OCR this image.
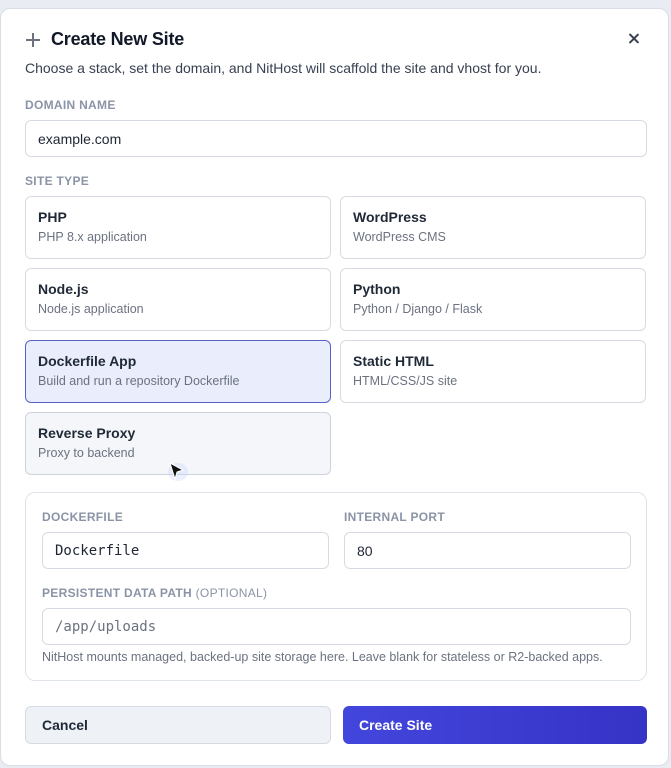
Create New Site
Choose a stack, set the domain, and NitHost will scaffold the site and vhost for you.
DOMAIN NAME
example.com
SITE TYPE
PHP
PHP 8.x application
WordPress
WordPress CMS
Node.js
Node.js application
Python
Python / Django / Flask
Dockerfile App
Build and run a repository Dockerfile
Static HTML
HTML/CSS/JS site
Reverse Proxy
Proxy to backend
DOCKERFILE
Dockerfile	INTERNAL PORT
80
PERSISTENT DATA PATH (OPTIONAL)
/app/uploads
NitHost mounts managed, backed-up site storage here. Leave blank for stateless or R2-backed apps.
Cancel	Create Site
